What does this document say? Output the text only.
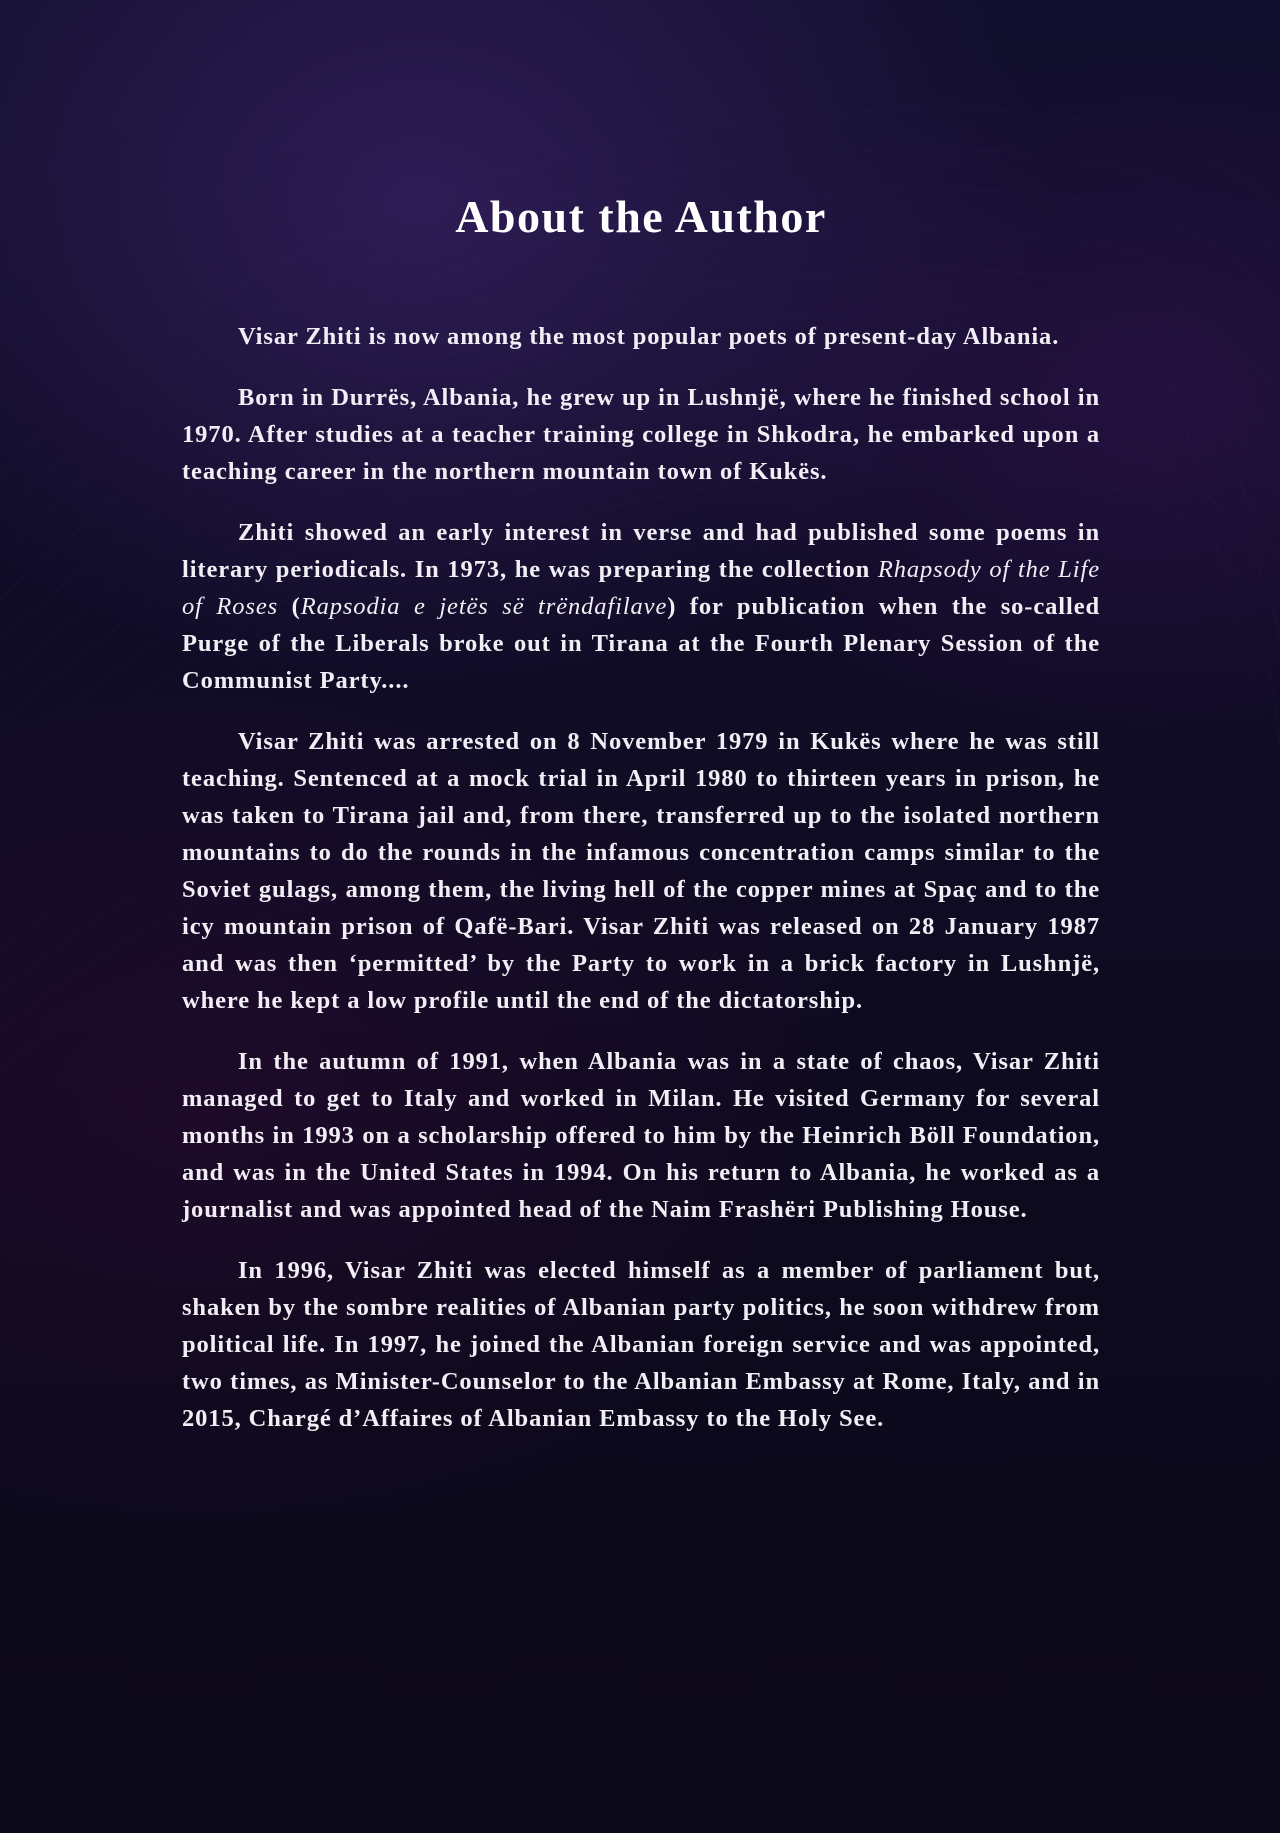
About the Author

Visar Zhiti is now among the most popular poets of present-day Albania.

Born in Durrës, Albania, he grew up in Lushnjë, where he finished school in 1970. After studies at a teacher training college in Shkodra, he embarked upon a teaching career in the northern mountain town of Kukës.

Zhiti showed an early interest in verse and had published some poems in literary periodicals. In 1973, he was preparing the collection Rhapsody of the Life of Roses (Rapsodia e jetës së trëndafilave) for publication when the so-called Purge of the Liberals broke out in Tirana at the Fourth Plenary Session of the Communist Party....

Visar Zhiti was arrested on 8 November 1979 in Kukës where he was still teaching. Sentenced at a mock trial in April 1980 to thirteen years in prison, he was taken to Tirana jail and, from there, transferred up to the isolated northern mountains to do the rounds in the infamous concentration camps similar to the Soviet gulags, among them, the living hell of the copper mines at Spaç and to the icy mountain prison of Qafë-Bari. Visar Zhiti was released on 28 January 1987 and was then ‘permitted’ by the Party to work in a brick factory in Lushnjë, where he kept a low profile until the end of the dictatorship.

In the autumn of 1991, when Albania was in a state of chaos, Visar Zhiti managed to get to Italy and worked in Milan. He visited Germany for several months in 1993 on a scholarship offered to him by the Heinrich Böll Foundation, and was in the United States in 1994. On his return to Albania, he worked as a journalist and was appointed head of the Naim Frashëri Publishing House.

In 1996, Visar Zhiti was elected himself as a member of parliament but, shaken by the sombre realities of Albanian party politics, he soon withdrew from political life. In 1997, he joined the Albanian foreign service and was appointed, two times, as Minister-Counselor to the Albanian Embassy at Rome, Italy, and in 2015, Chargé d’Affaires of Albanian Embassy to the Holy See.
